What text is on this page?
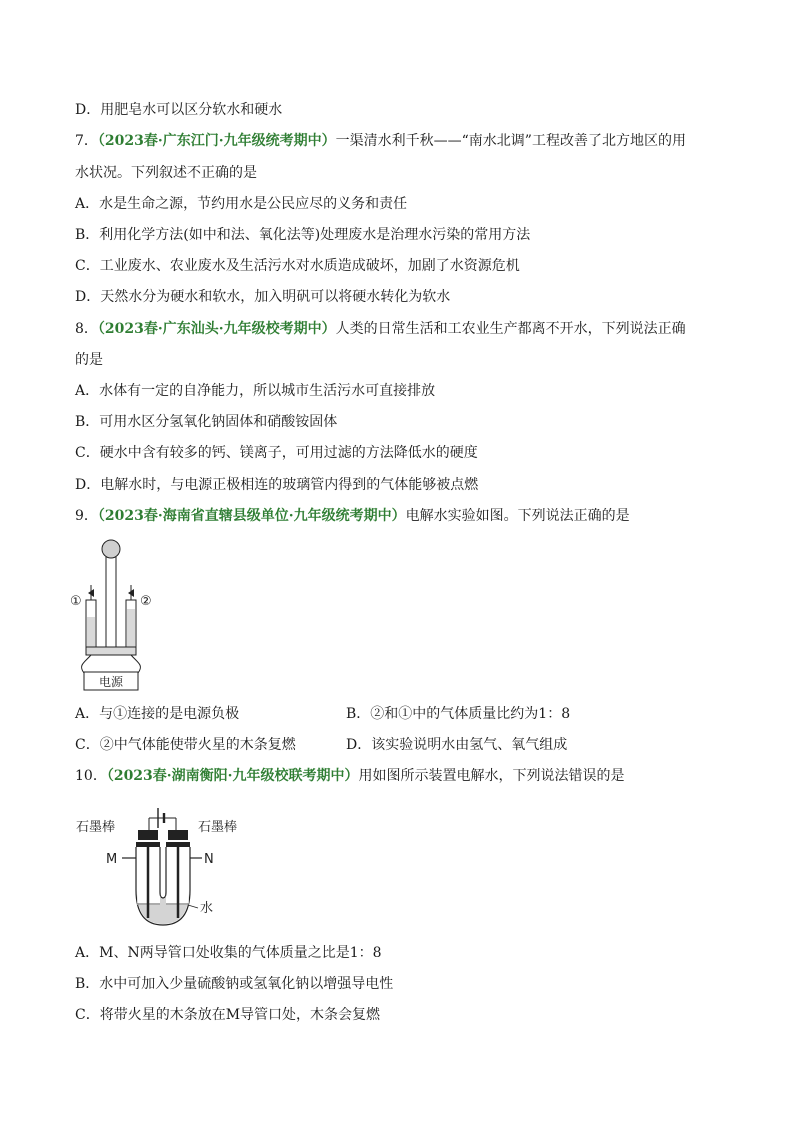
D．用肥皂水可以区分软水和硬水
7．（2023春·广东江门·九年级统考期中）一渠清水利千秋——“南水北调”工程改善了北方地区的用
水状况。下列叙述不正确的是
A．水是生命之源，节约用水是公民应尽的义务和责任
B．利用化学方法(如中和法、氧化法等)处理废水是治理水污染的常用方法
C．工业废水、农业废水及生活污水对水质造成破坏，加剧了水资源危机
D．天然水分为硬水和软水，加入明矾可以将硬水转化为软水
8．（2023春·广东汕头·九年级校考期中）人类的日常生活和工农业生产都离不开水，下列说法正确
的是
A．水体有一定的自净能力，所以城市生活污水可直接排放
B．可用水区分氢氧化钠固体和硝酸铵固体
C．硬水中含有较多的钙、镁离子，可用过滤的方法降低水的硬度
D．电解水时，与电源正极相连的玻璃管内得到的气体能够被点燃
9．（2023春·海南省直辖县级单位·九年级统考期中）电解水实验如图。下列说法正确的是
电源
①	②
A．与①连接的是电源负极	B．②和①中的气体质量比约为1：8
C．②中气体能使带火星的木条复燃	D．该实验说明水由氢气、氧气组成
10．（2023春·湖南衡阳·九年级校联考期中）用如图所示装置电解水，下列说法错误的是
石墨棒	石墨棒
M	N
水
A．M、N两导管口处收集的气体质量之比是1：8
B．水中可加入少量硫酸钠或氢氧化钠以增强导电性
C．将带火星的木条放在M导管口处，木条会复燃
